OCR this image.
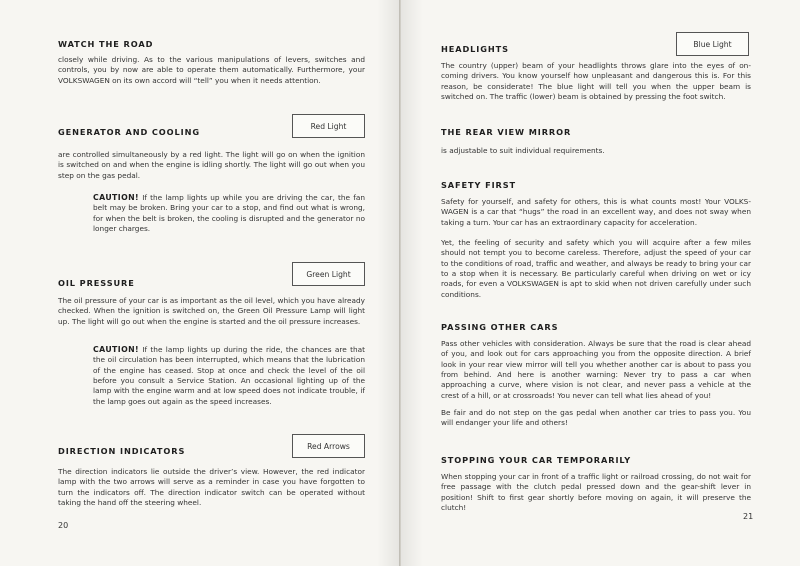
WATCH THE ROAD
closely while driving. As to the various manipulations of levers, switches and controls, you by now are able to operate them automatically. Furthermore, your VOLKSWAGEN on its own accord will “tell” you when it needs attention.
GENERATOR AND COOLING
Red Light
are controlled simultaneously by a red light. The light will go on when the ignition is switched on and when the engine is idling shortly. The light will go out when you step on the gas pedal.
CAUTION! If the lamp lights up while you are driving the car, the fan belt may be broken. Bring your car to a stop, and find out what is wrong, for when the belt is broken, the cooling is disrupted and the generator no longer charges.
OIL PRESSURE
Green Light
The oil pressure of your car is as important as the oil level, which you have already checked. When the ignition is switched on, the Green Oil Pressure Lamp will light up. The light will go out when the engine is started and the oil pressure increases.
CAUTION! If the lamp lights up during the ride, the chances are that the oil circulation has been interrupted, which means that the lubrication of the engine has ceased. Stop at once and check the level of the oil before you consult a Service Station. An occasional lighting up of the lamp with the engine warm and at low speed does not indicate trouble, if the lamp goes out again as the speed increases.
DIRECTION INDICATORS	Red Arrows
The direction indicators lie outside the driver’s view. However, the red indicator lamp with the two arrows will serve as a reminder in case you have forgotten to turn the indicators off. The direction indicator switch can be operated without taking the hand off the steering wheel.
20
HEADLIGHTS	Blue Light
The country (upper) beam of your headlights throws glare into the eyes of on-coming drivers. You know yourself how unpleasant and dangerous this is. For this reason, be considerate! The blue light will tell you when the upper beam is switched on. The traffic (lower) beam is obtained by pressing the foot switch.
THE REAR VIEW MIRROR
is adjustable to suit individual requirements.
SAFETY FIRST
Safety for yourself, and safety for others, this is what counts most! Your VOLKS-WAGEN is a car that “hugs” the road in an excellent way, and does not sway when taking a turn. Your car has an extraordinary capacity for acceleration.
Yet, the feeling of security and safety which you will acquire after a few miles should not tempt you to become careless. Therefore, adjust the speed of your car to the conditions of road, traffic and weather, and always be ready to bring your car to a stop when it is necessary. Be particularly careful when driving on wet or icy roads, for even a VOLKSWAGEN is apt to skid when not driven carefully under such conditions.
PASSING OTHER CARS
Pass other vehicles with consideration. Always be sure that the road is clear ahead of you, and look out for cars approaching you from the opposite direction. A brief look in your rear view mirror will tell you whether another car is about to pass you from behind. And here is another warning: Never try to pass a car when approaching a curve, where vision is not clear, and never pass a vehicle at the crest of a hill, or at crossroads! You never can tell what lies ahead of you!
Be fair and do not step on the gas pedal when another car tries to pass you. You will endanger your life and others!
STOPPING YOUR CAR TEMPORARILY
When stopping your car in front of a traffic light or railroad crossing, do not wait for free passage with the clutch pedal pressed down and the gear-shift lever in position! Shift to first gear shortly before moving on again, it will preserve the clutch!
21
